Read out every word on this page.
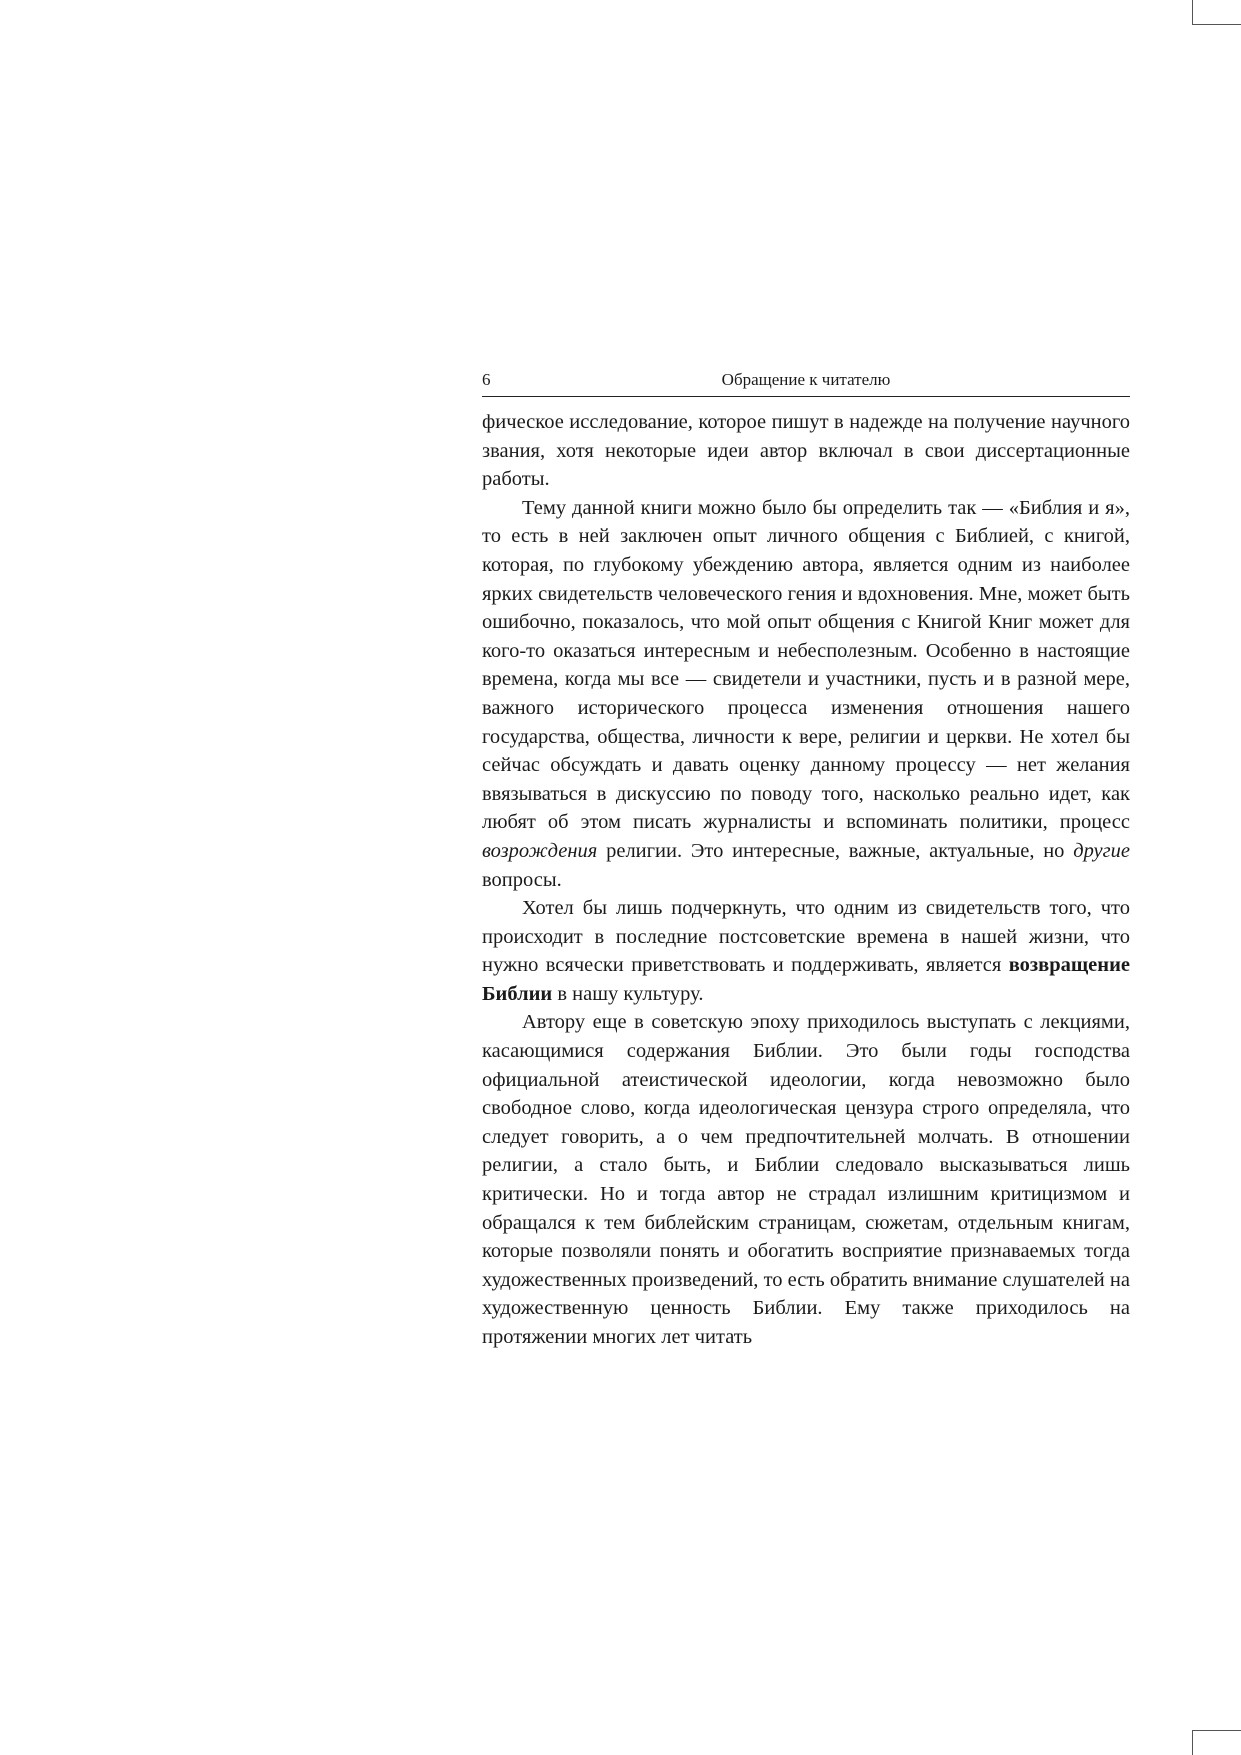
6	Обращение к читателю

фическое исследование, которое пишут в надежде на получение научного звания, хотя некоторые идеи автор включал в свои диссертационные работы.

Тему данной книги можно было бы определить так — «Библия и я», то есть в ней заключен опыт личного общения с Библией, с книгой, которая, по глубокому убеждению автора, является одним из наиболее ярких свидетельств человеческого гения и вдохновения. Мне, может быть ошибочно, показалось, что мой опыт общения с Книгой Книг может для кого-то оказаться интересным и небесполезным. Особенно в настоящие времена, когда мы все — свидетели и участники, пусть и в разной мере, важного исторического процесса изменения отношения нашего государства, общества, личности к вере, религии и церкви. Не хотел бы сейчас обсуждать и давать оценку данному процессу — нет желания ввязываться в дискуссию по поводу того, насколько реально идет, как любят об этом писать журналисты и вспоминать политики, процесс возрождения религии. Это интересные, важные, актуальные, но другие вопросы.

Хотел бы лишь подчеркнуть, что одним из свидетельств того, что происходит в последние постсоветские времена в нашей жизни, что нужно всячески приветствовать и поддерживать, является возвращение Библии в нашу культуру.

Автору еще в советскую эпоху приходилось выступать с лекциями, касающимися содержания Библии. Это были годы господства официальной атеистической идеологии, когда невозможно было свободное слово, когда идеологическая цензура строго определяла, что следует говорить, а о чем предпочтительней молчать. В отношении религии, а стало быть, и Библии следовало высказываться лишь критически. Но и тогда автор не страдал излишним критицизмом и обращался к тем библейским страницам, сюжетам, отдельным книгам, которые позволяли понять и обогатить восприятие признаваемых тогда художественных произведений, то есть обратить внимание слушателей на художественную ценность Библии. Ему также приходилось на протяжении многих лет читать
